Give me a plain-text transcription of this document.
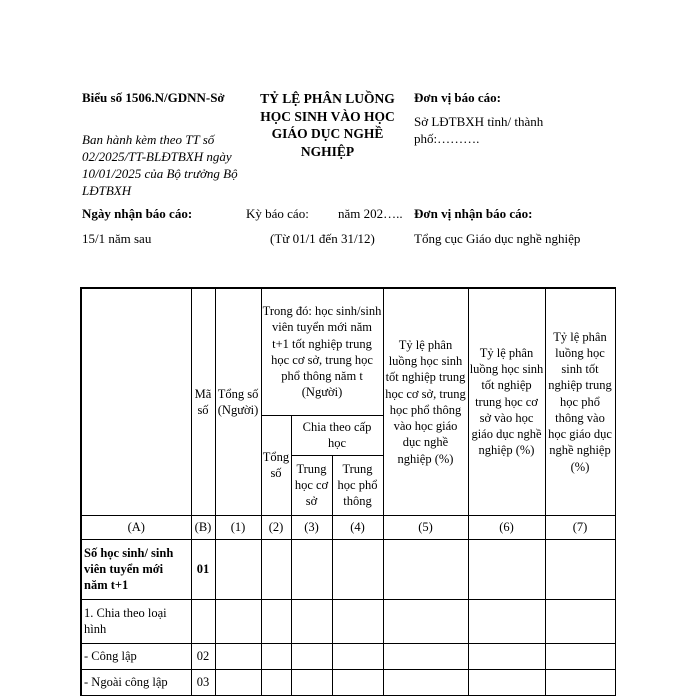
Biểu số 1506.N/GDNN-Sở
Ban hành kèm theo TT số 02/2025/TT-BLĐTBXH ngày 10/01/2025 của Bộ trưởng Bộ LĐTBXH
TỶ LỆ PHÂN LUỒNG HỌC SINH VÀO HỌC GIÁO DỤC NGHỀ NGHIỆP
Đơn vị báo cáo:
Sở LĐTBXH tỉnh/ thành phố:……….
Ngày nhận báo cáo:	Kỳ báo cáo: năm 202….. Đơn vị nhận báo cáo:
15/1 năm sau	(Từ 01/1 đến 31/12)	Tổng cục Giáo dục nghề nghiệp
	Mã số	Tổng số (Người)	Trong đó: học sinh/sinh viên tuyển mới năm t+1 tốt nghiệp trung học cơ sở, trung học phổ thông năm t (Người)			Tỷ lệ phân luồng học sinh tốt nghiệp trung học cơ sở, trung học phổ thông vào học giáo dục nghề nghiệp (%)	Tỷ lệ phân luồng học sinh tốt nghiệp trung học cơ sở vào học giáo dục nghề nghiệp (%)	Tỷ lệ phân luồng học sinh tốt nghiệp trung học phổ thông vào học giáo dục nghề nghiệp (%)
			Tổng số	Chia theo cấp học				
				Trung học cơ sở	Trung học phổ thông			
(A)	(B)	(1)	(2)	(3)	(4)	(5)	(6)	(7)
Số học sinh/ sinh viên tuyển mới năm t+1	01							
1. Chia theo loại hình								
- Công lập	02							
- Ngoài công lập	03							
